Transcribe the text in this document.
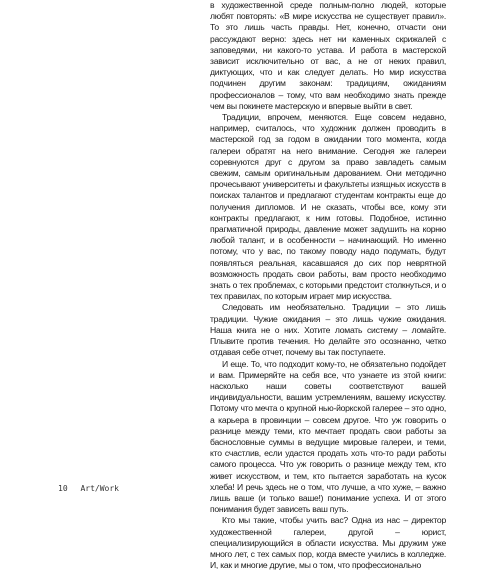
в художественной среде полным-полно людей, которые любят повторять: «В мире искусства не существует правил». То это лишь часть правды. Нет, конечно, отчасти они рассуждают верно: здесь нет ни каменных скрижалей с заповедями, ни какого-то устава. И работа в мастерской зависит исключительно от вас, а не от неких правил, диктующих, что и как следует делать. Но мир искусства подчинен другим законам: традициям, ожиданиям профессионалов – тому, что вам необходимо знать прежде чем вы покинете мастерскую и впервые выйти в свет.

Традиции, впрочем, меняются. Еще совсем недавно, например, считалось, что художник должен проводить в мастерской год за годом в ожидании того момента, когда галереи обратят на него внимание. Сегодня же галереи соревнуются друг с другом за право завладеть самым свежим, самым оригинальным дарованием. Они методично прочесывают университеты и факультеты изящных искусств в поисках талантов и предлагают студентам контракты еще до получения дипломов. И не сказать, чтобы все, кому эти контракты предлагают, к ним готовы. Подобное, истинно прагматичной природы, давление может задушить на корню любой талант, и в особенности – начинающий. Но именно потому, что у вас, по такому поводу надо подумать, будут появляться реальная, касавшаяся до сих пор неврятной возможность продать свои работы, вам просто необходимо знать о тех проблемах, с которыми предстоит столкнуться, и о тех правилах, по которым играет мир искусства.

Следовать им необязательно. Традиции – это лишь традиции. Чужие ожидания – это лишь чужие ожидания. Наша книга не о них. Хотите ломать систему – ломайте. Плывите против течения. Но делайте это осознанно, четко отдавая себе отчет, почему вы так поступаете.

И еще. То, что подходит кому-то, не обязательно подойдет и вам. Примеряйте на себя все, что узнаете из этой книги: насколько наши советы соответствуют вашей индивидуальности, вашим устремлениям, вашему искусству. Потому что мечта о крупной нью-йоркской галерее – это одно, а карьера в провинции – совсем другое. Что уж говорить о разнице между теми, кто мечтает продать свои работы за баснословные суммы в ведущие мировые галереи, и теми, кто счастлив, если удастся продать хоть что-то ради работы самого процесса. Что уж говорить о разнице между тем, кто живет искусством, и тем, кто пытается заработать на кусок хлеба! И речь здесь не о том, что лучше, а что хуже, – важно лишь ваше (и только ваше!) понимание успеха. И от этого понимания будет зависеть ваш путь.

Кто мы такие, чтобы учить вас? Одна из нас – директор художественной галереи, другой – юрист, специализирующийся в области искусства. Мы дружим уже много лет, с тех самых пор, когда вместе учились в колледже. И, как и многие другие, мы о том, что профессионально

10 Art/Work
